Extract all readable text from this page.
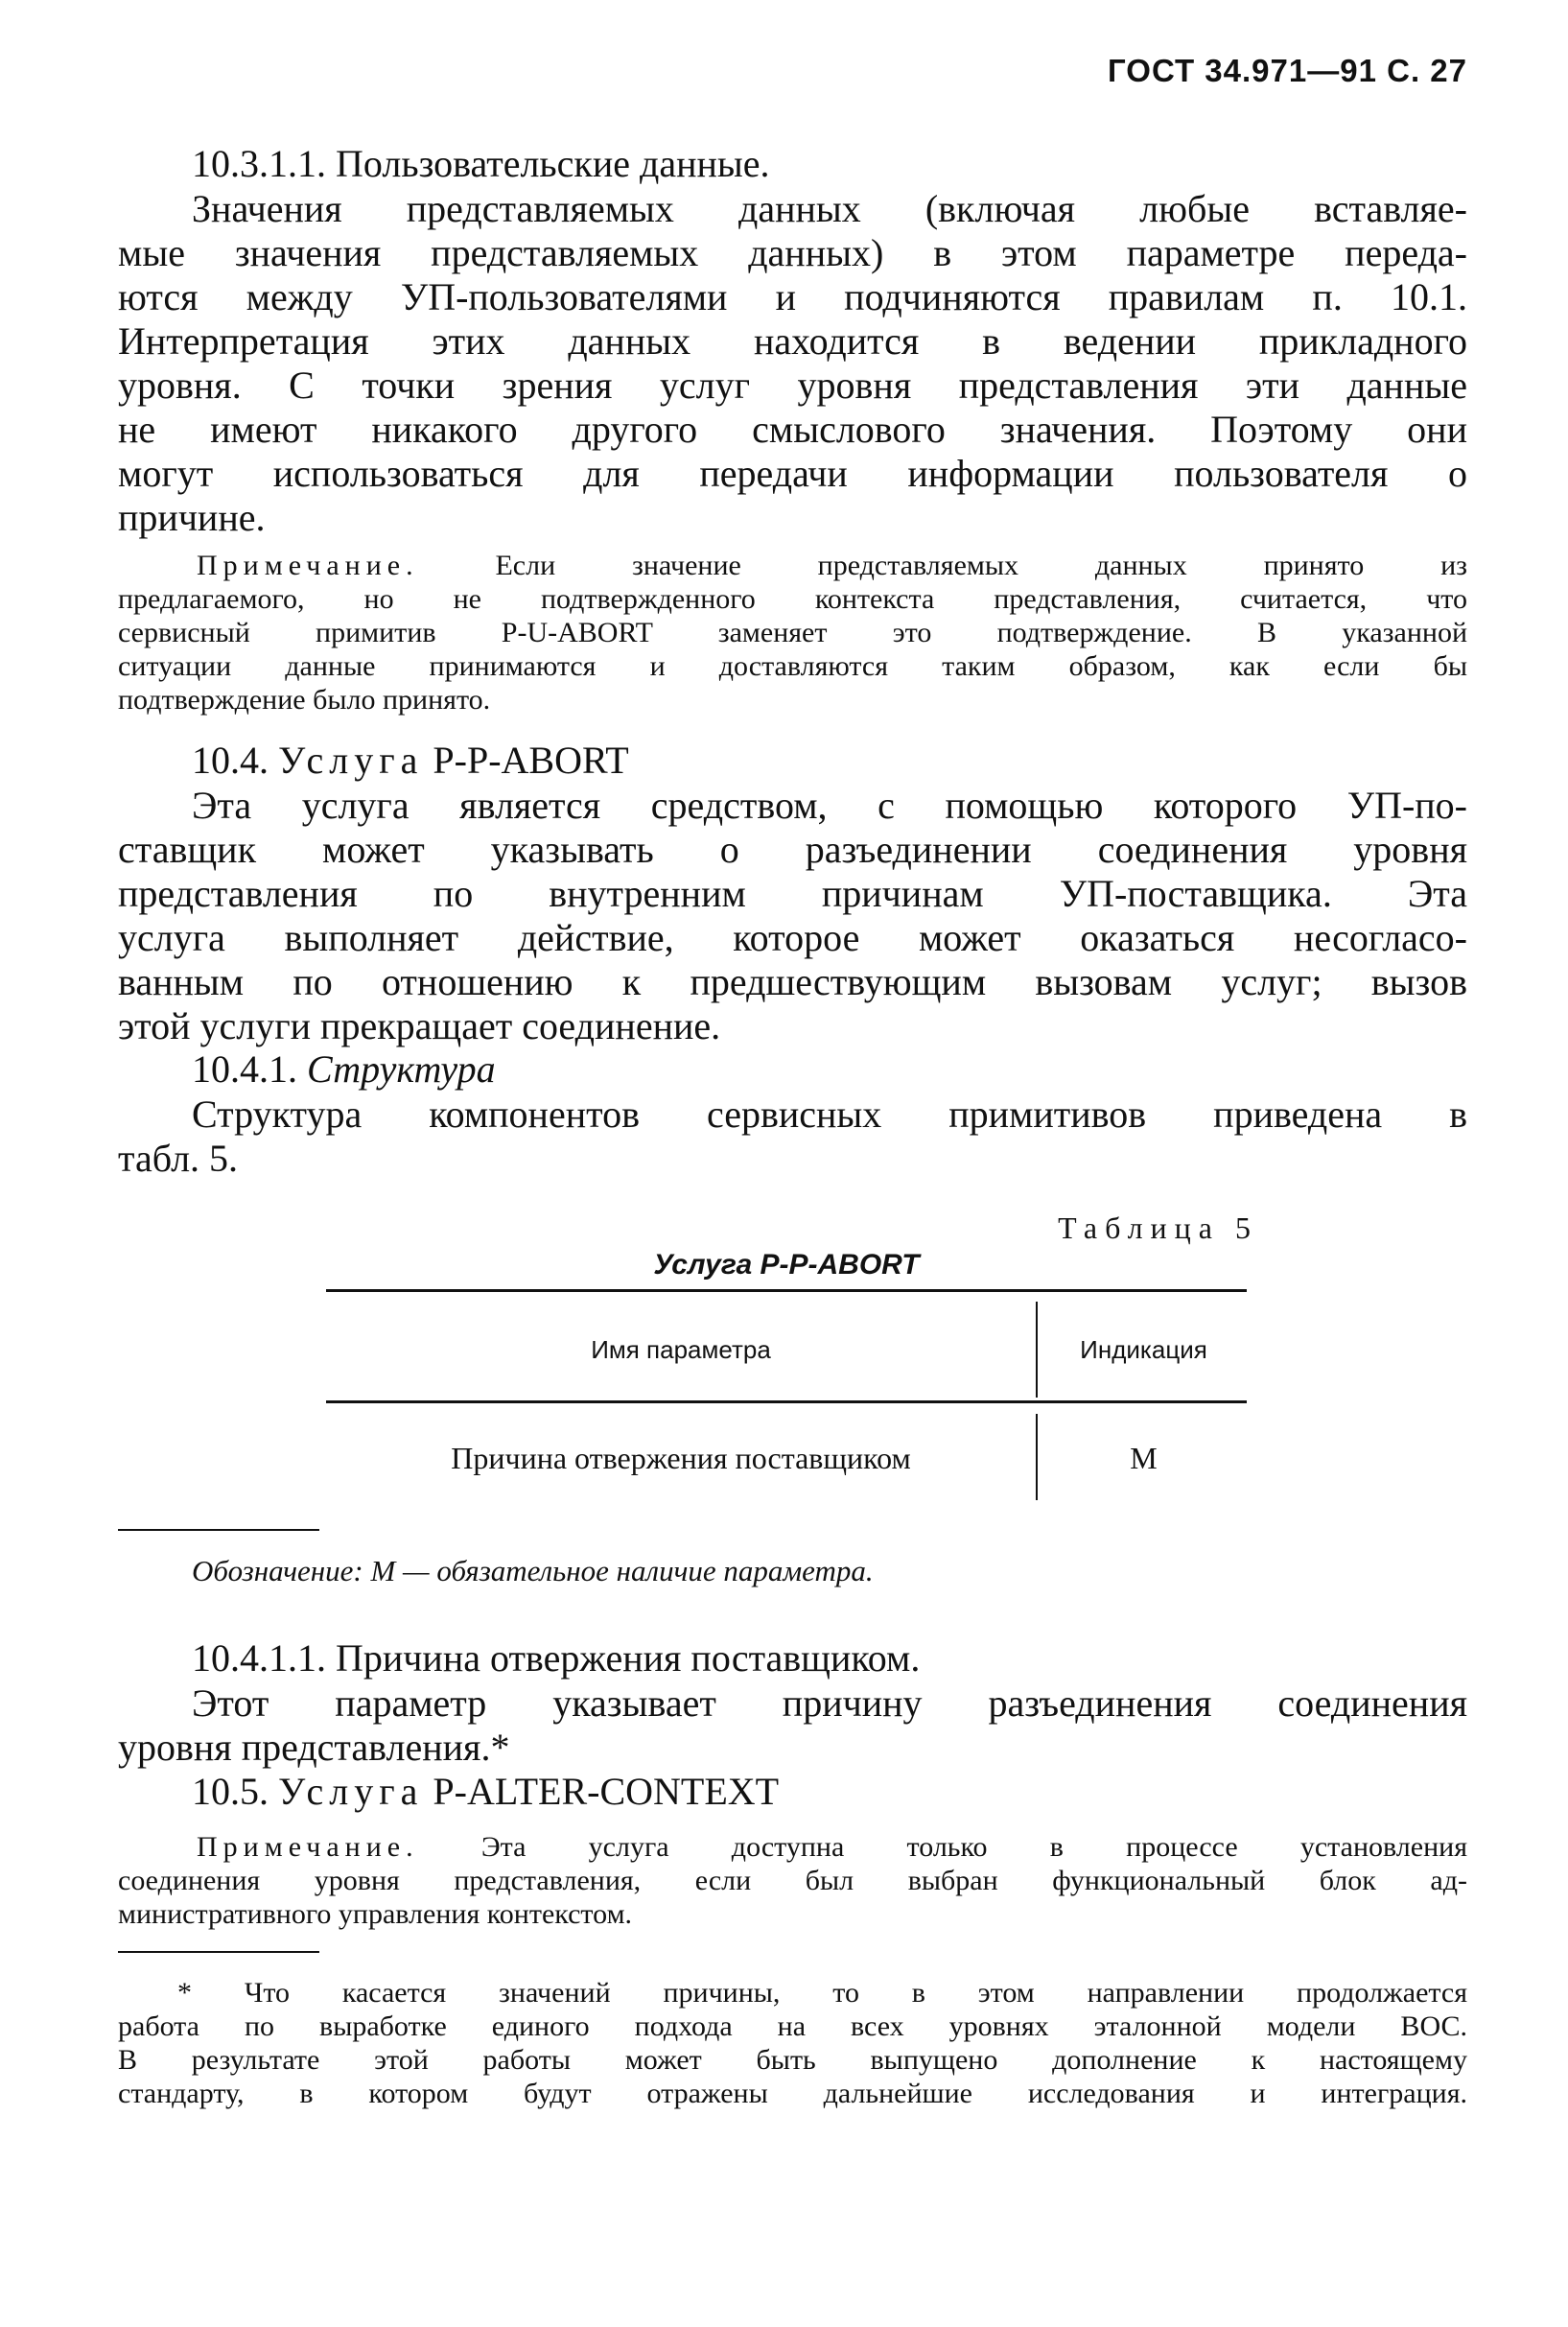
ГОСТ 34.971—91 С. 27
10.3.1.1. Пользовательские данные.
Значения представляемых данных (включая любые вставляе-
мые значения представляемых данных) в этом параметре переда-
ются между УП-пользователями и подчиняются правилам п. 10.1.
Интерпретация этих данных находится в ведении прикладного
уровня. С точки зрения услуг уровня представления эти данные
не имеют никакого другого смыслового значения. Поэтому они
могут использоваться для передачи информации пользователя о
причине.
Примечание.	Если значение представляемых данных принято из
предлагаемого, но не подтвержденного контекста представления, считается, что
сервисный примитив P-U-ABORT заменяет это подтверждение. В указанной
ситуации данные принимаются и доставляются таким образом, как если бы
подтверждение было принято.
10.4. Услуга P-P-ABORT
Эта услуга является средством, с помощью которого УП-по-
ставщик может указывать о разъединении соединения уровня
представления по внутренним причинам УП-поставщика. Эта
услуга выполняет действие, которое может оказаться несогласо-
ванным по отношению к предшествующим вызовам услуг; вызов
этой услуги прекращает соединение.
10.4.1. Структура
Структура компонентов сервисных примитивов приведена в
табл. 5.
Таблица 5
Услуга P-P-ABORT
Имя параметра	Индикация
Причина отвержения поставщиком	M
Обозначение: M — обязательное наличие параметра.
10.4.1.1. Причина отвержения поставщиком.
Этот параметр указывает причину разъединения соединения
уровня представления.*
10.5. Услуга P-ALTER-CONTEXT
Примечание. Эта услуга доступна только в процессе установления
соединения уровня представления, если был выбран функциональный блок ад-
министративного управления контекстом.
* Что касается значений причины, то в этом направлении продолжается
работа по выработке единого подхода на всех уровнях эталонной модели ВОС.
В результате этой работы может быть выпущено дополнение к настоящему
стандарту, в котором будут отражены дальнейшие исследования и интеграция.
